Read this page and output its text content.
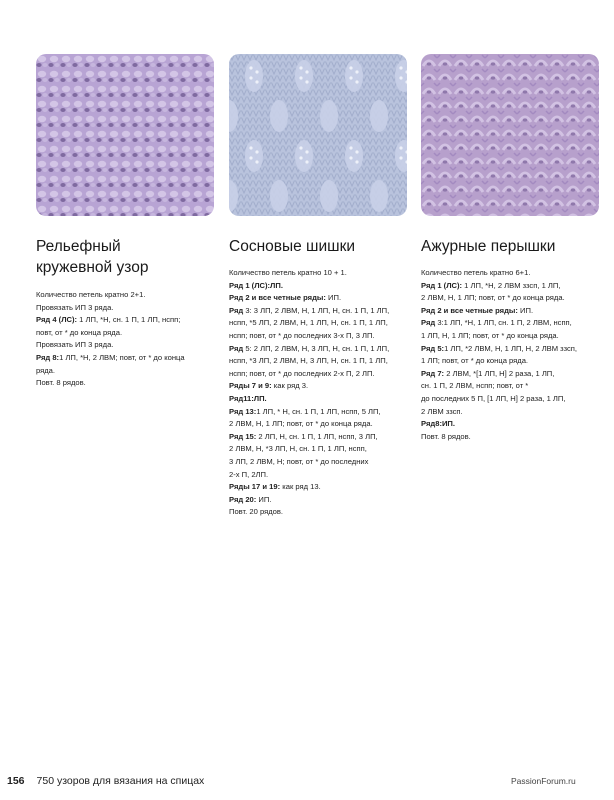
Рельефный
кружевной узор

Количество петель кратно 2+1.

Провязать ИП 3 ряда.

Ряд 4 (ЛС): 1 ЛП, *Н, сн. 1 П, 1 ЛП, нспп;

повт, от * до конца ряда.

Провязать ИП 3 ряда.

Ряд 8:1 ЛП, *Н, 2 ЛВМ; повт, от * до конца

ряда.

Повт. 8 рядов.

Сосновые шишки

Количество петель кратно 10 + 1.

Ряд 1 (ЛС):ЛП.

Ряд 2 и все четные ряды: ИП.

Ряд 3: 3 ЛП, 2 ЛВМ, Н, 1 ЛП, Н, сн. 1 П, 1 ЛП,

нспп, *5 ЛП, 2 ЛВМ, Н, 1 ЛП, Н, сн. 1 П, 1 ЛП,

нспп; повт, от * до последних 3-х П, 3 ЛП.

Ряд 5: 2 ЛП, 2 ЛВМ, Н, 3 ЛП, Н, сн. 1 П, 1 ЛП,

нспп, *3 ЛП, 2 ЛВМ, Н, 3 ЛП, Н, сн. 1 П, 1 ЛП,

нспп; повт, от * до последних 2-х П, 2 ЛП.

Ряды 7 и 9: как ряд 3.

Ряд11:ЛП.

Ряд 13:1 ЛП, * Н, сн. 1 П, 1 ЛП, нспп, 5 ЛП,

2 ЛВМ, Н, 1 ЛП; повт, от * до конца ряда.

Ряд 15: 2 ЛП, Н, сн. 1 П, 1 ЛП, нспп, 3 ЛП,

2 ЛВМ, Н, *3 ЛП, Н, сн. 1 П, 1 ЛП, нспп,

3 ЛП, 2 ЛВМ, Н; повт, от * до последних

2-х П, 2ЛП.

Ряды 17 и 19: как ряд 13.

Ряд 20: ИП.

Повт. 20 рядов.

Ажурные перышки

Количество петель кратно 6+1.

Ряд 1 (ЛС): 1 ЛП, *Н, 2 ЛВМ ззсп, 1 ЛП,

2 ЛВМ, Н, 1 ЛП; повт, от * до конца ряда.

Ряд 2 и все четные ряды: ИП.

Ряд 3:1 ЛП, *Н, 1 ЛП, сн. 1 П, 2 ЛВМ, нспп,

1 ЛП, Н, 1 ЛП; повт, от * до конца ряда.

Ряд 5:1 ЛП, *2 ЛВМ, Н, 1 ЛП, Н, 2 ЛВМ ззсп,

1 ЛП; повт, от * до конца ряда.

Ряд 7: 2 ЛВМ, *[1 ЛП, Н] 2 раза, 1 ЛП,

сн. 1 П, 2 ЛВМ, нспп; повт, от *

до последних 5 П, [1 ЛП, Н] 2 раза, 1 ЛП,

2 ЛВМ ззсп.

Ряд8:ИП.

Повт. 8 рядов.

156 750 узоров для вязания на спицах	PassionForum.ru
